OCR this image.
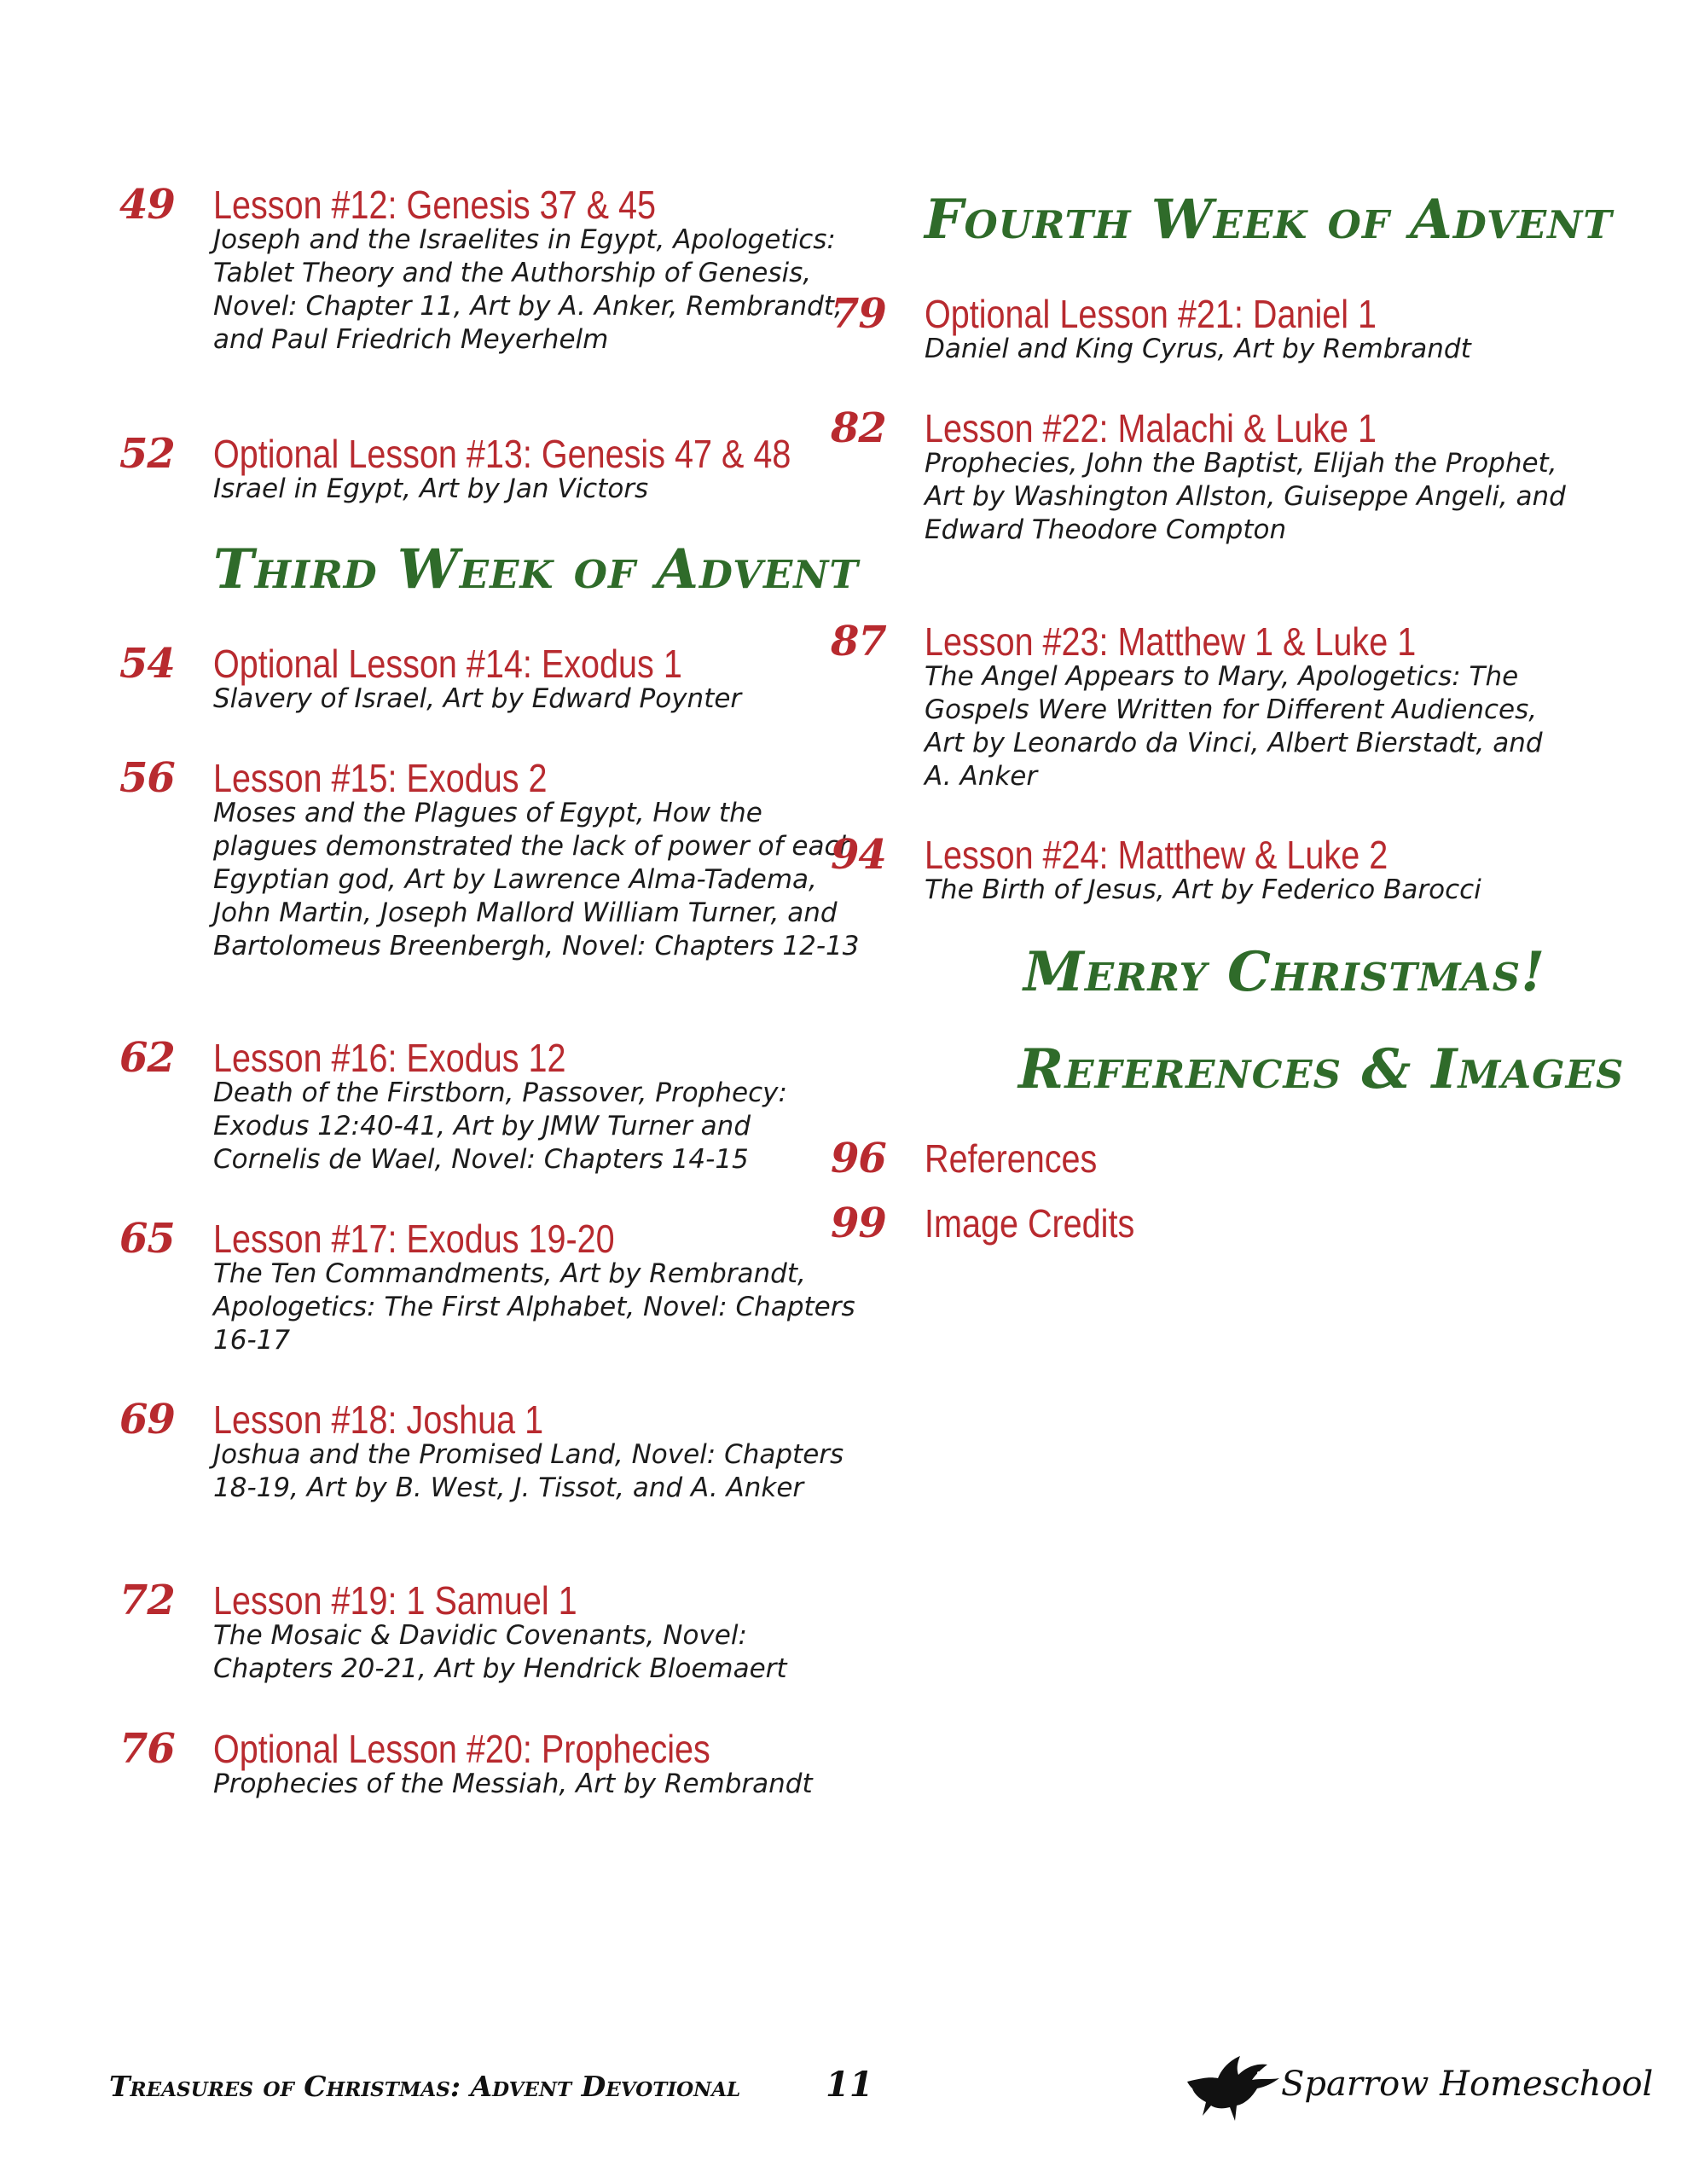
49 Lesson #12: Genesis 37 & 45
Joseph and the Israelites in Egypt, Apologetics: Tablet Theory and the Authorship of Genesis, Novel: Chapter 11, Art by A. Anker, Rembrandt, and Paul Friedrich Meyerhelm
52 Optional Lesson #13: Genesis 47 & 48
Israel in Egypt, Art by Jan Victors
Third Week of Advent
54 Optional Lesson #14: Exodus 1
Slavery of Israel, Art by Edward Poynter
56 Lesson #15: Exodus 2
Moses and the Plagues of Egypt, How the plagues demonstrated the lack of power of each Egyptian god, Art by Lawrence Alma-Tadema, John Martin, Joseph Mallord William Turner, and Bartolomeus Breenbergh, Novel: Chapters 12-13
62 Lesson #16: Exodus 12
Death of the Firstborn, Passover, Prophecy: Exodus 12:40-41, Art by JMW Turner and Cornelis de Wael, Novel: Chapters 14-15
65 Lesson #17: Exodus 19-20
The Ten Commandments, Art by Rembrandt, Apologetics: The First Alphabet, Novel: Chapters 16-17
69 Lesson #18: Joshua 1
Joshua and the Promised Land, Novel: Chapters 18-19, Art by B. West, J. Tissot, and A. Anker
72 Lesson #19: 1 Samuel 1
The Mosaic & Davidic Covenants, Novel: Chapters 20-21, Art by Hendrick Bloemaert
76 Optional Lesson #20: Prophecies
Prophecies of the Messiah, Art by Rembrandt
Fourth Week of Advent
79 Optional Lesson #21: Daniel 1
Daniel and King Cyrus, Art by Rembrandt
82 Lesson #22: Malachi & Luke 1
Prophecies, John the Baptist, Elijah the Prophet, Art by Washington Allston, Guiseppe Angeli, and Edward Theodore Compton
87 Lesson #23: Matthew 1 & Luke 1
The Angel Appears to Mary, Apologetics: The Gospels Were Written for Different Audiences, Art by Leonardo da Vinci, Albert Bierstadt, and A. Anker
94 Lesson #24: Matthew & Luke 2
The Birth of Jesus, Art by Federico Barocci
Merry Christmas!
References & Images
96 References
99 Image Credits
Treasures of Christmas: Advent Devotional 11	Sparrow Homeschool
